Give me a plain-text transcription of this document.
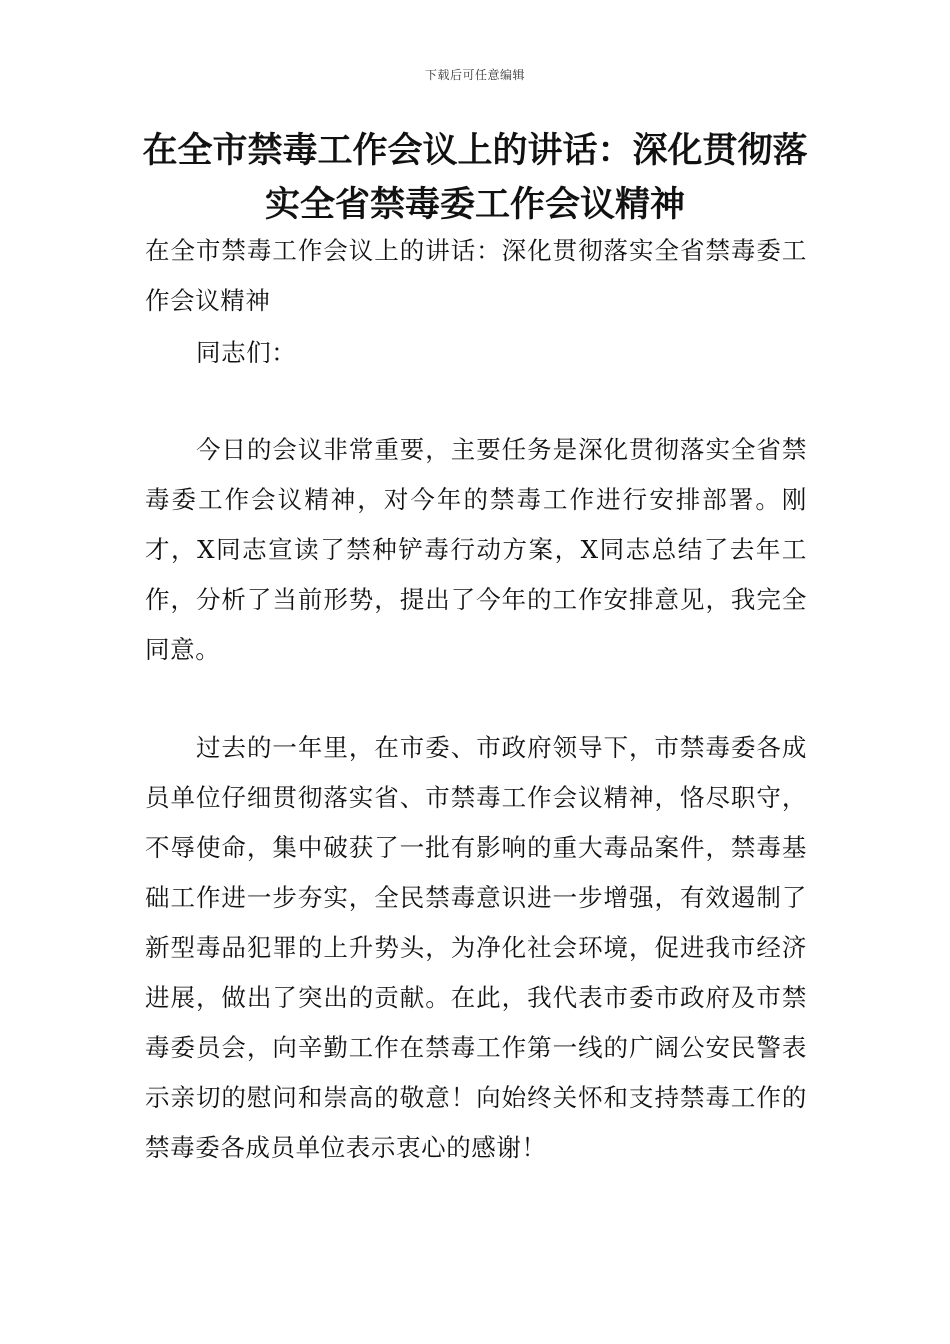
下载后可任意编辑
在全市禁毒工作会议上的讲话：深化贯彻落实全省禁毒委工作会议精神

在全市禁毒工作会议上的讲话：深化贯彻落实全省禁毒委工作会议精神

同志们：

今日的会议非常重要，主要任务是深化贯彻落实全省禁毒委工作会议精神，对今年的禁毒工作进行安排部署。刚才，X同志宣读了禁种铲毒行动方案，X同志总结了去年工作，分析了当前形势，提出了今年的工作安排意见，我完全同意。

过去的一年里，在市委、市政府领导下，市禁毒委各成员单位仔细贯彻落实省、市禁毒工作会议精神，恪尽职守，不辱使命，集中破获了一批有影响的重大毒品案件，禁毒基础工作进一步夯实，全民禁毒意识进一步增强，有效遏制了新型毒品犯罪的上升势头，为净化社会环境，促进我市经济进展，做出了突出的贡献。在此，我代表市委市政府及市禁毒委员会，向辛勤工作在禁毒工作第一线的广阔公安民警表示亲切的慰问和崇高的敬意！向始终关怀和支持禁毒工作的禁毒委各成员单位表示衷心的感谢！
